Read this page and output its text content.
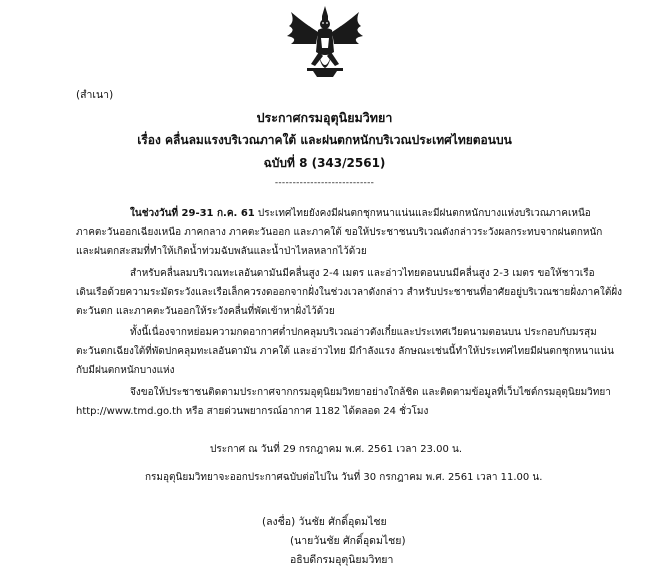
(สำเนา)
ประกาศกรมอุตุนิยมวิทยา
เรื่อง คลื่นลมแรงบริเวณภาคใต้ และฝนตกหนักบริเวณประเทศไทยตอนบน
ฉบับที่ 8 (343/2561)
----------------------------
ในช่วงวันที่ 29-31 ก.ค. 61 ประเทศไทยยังคงมีฝนตกชุกหนาแน่นและมีฝนตกหนักบางแห่งบริเวณภาคเหนือ
ภาคตะวันออกเฉียงเหนือ ภาคกลาง ภาคตะวันออก และภาคใต้ ขอให้ประชาชนบริเวณดังกล่าวระวังผลกระทบจากฝนตกหนัก
และฝนตกสะสมที่ทำให้เกิดน้ำท่วมฉับพลันและน้ำป่าไหลหลากไว้ด้วย
สำหรับคลื่นลมบริเวณทะเลอันดามันมีคลื่นสูง 2-4 เมตร และอ่าวไทยตอนบนมีคลื่นสูง 2-3 เมตร ขอให้ชาวเรือ
เดินเรือด้วยความระมัดระวังและเรือเล็กควรงดออกจากฝั่งในช่วงเวลาดังกล่าว สำหรับประชาชนที่อาศัยอยู่บริเวณชายฝั่งภาคใต้ฝั่ง
ตะวันตก และภาคตะวันออกให้ระวังคลื่นที่พัดเข้าหาฝั่งไว้ด้วย
ทั้งนี้เนื่องจากหย่อมความกดอากาศต่ำปกคลุมบริเวณอ่าวตังเกี๋ยและประเทศเวียดนามตอนบน ประกอบกับมรสุม
ตะวันตกเฉียงใต้ที่พัดปกคลุมทะเลอันดามัน ภาคใต้ และอ่าวไทย มีกำลังแรง ลักษณะเช่นนี้ทำให้ประเทศไทยมีฝนตกชุกหนาแน่น
กับมีฝนตกหนักบางแห่ง
จึงขอให้ประชาชนติดตามประกาศจากกรมอุตุนิยมวิทยาอย่างใกล้ชิด และติดตามข้อมูลที่เว็บไซต์กรมอุตุนิยมวิทยา
http://www.tmd.go.th หรือ สายด่วนพยากรณ์อากาศ 1182 ได้ตลอด 24 ชั่วโมง
ประกาศ ณ วันที่ 29 กรกฎาคม พ.ศ. 2561 เวลา 23.00 น.
กรมอุตุนิยมวิทยาจะออกประกาศฉบับต่อไปใน วันที่ 30 กรกฎาคม พ.ศ. 2561 เวลา 11.00 น.
(ลงชื่อ) วันชัย ศักดิ์อุดมไชย
(นายวันชัย ศักดิ์อุดมไชย)
อธิบดีกรมอุตุนิยมวิทยา
